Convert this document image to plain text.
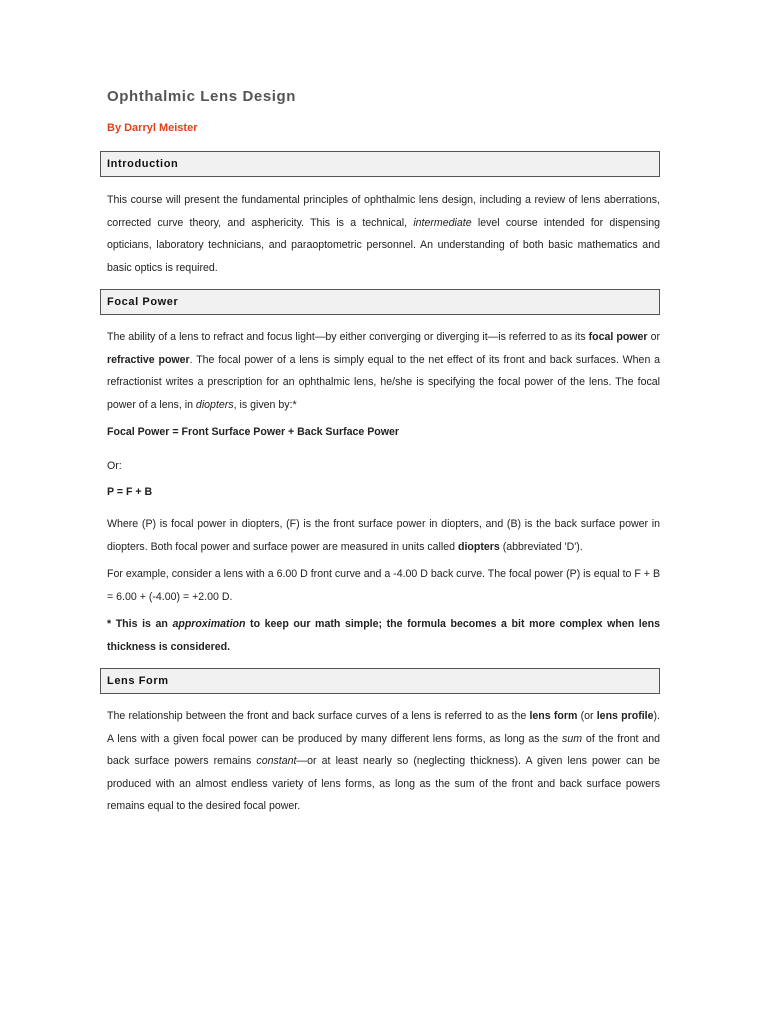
Ophthalmic Lens Design
By Darryl Meister
Introduction

This course will present the fundamental principles of ophthalmic lens design, including a review of lens aberrations, corrected curve theory, and asphericity. This is a technical, intermediate level course intended for dispensing opticians, laboratory technicians, and paraoptometric personnel. An understanding of both basic mathematics and basic optics is required.

Focal Power

The ability of a lens to refract and focus light—by either converging or diverging it—is referred to as its focal power or refractive power. The focal power of a lens is simply equal to the net effect of its front and back surfaces. When a refractionist writes a prescription for an ophthalmic lens, he/she is specifying the focal power of the lens. The focal power of a lens, in diopters, is given by:*

Focal Power = Front Surface Power + Back Surface Power

Or:

P = F + B

Where (P) is focal power in diopters, (F) is the front surface power in diopters, and (B) is the back surface power in diopters. Both focal power and surface power are measured in units called diopters (abbreviated 'D').

For example, consider a lens with a 6.00 D front curve and a -4.00 D back curve. The focal power (P) is equal to F + B = 6.00 + (-4.00) = +2.00 D.

* This is an approximation to keep our math simple; the formula becomes a bit more complex when lens thickness is considered.

Lens Form

The relationship between the front and back surface curves of a lens is referred to as the lens form (or lens profile). A lens with a given focal power can be produced by many different lens forms, as long as the sum of the front and back surface powers remains constant—or at least nearly so (neglecting thickness). A given lens power can be produced with an almost endless variety of lens forms, as long as the sum of the front and back surface powers remains equal to the desired focal power.
